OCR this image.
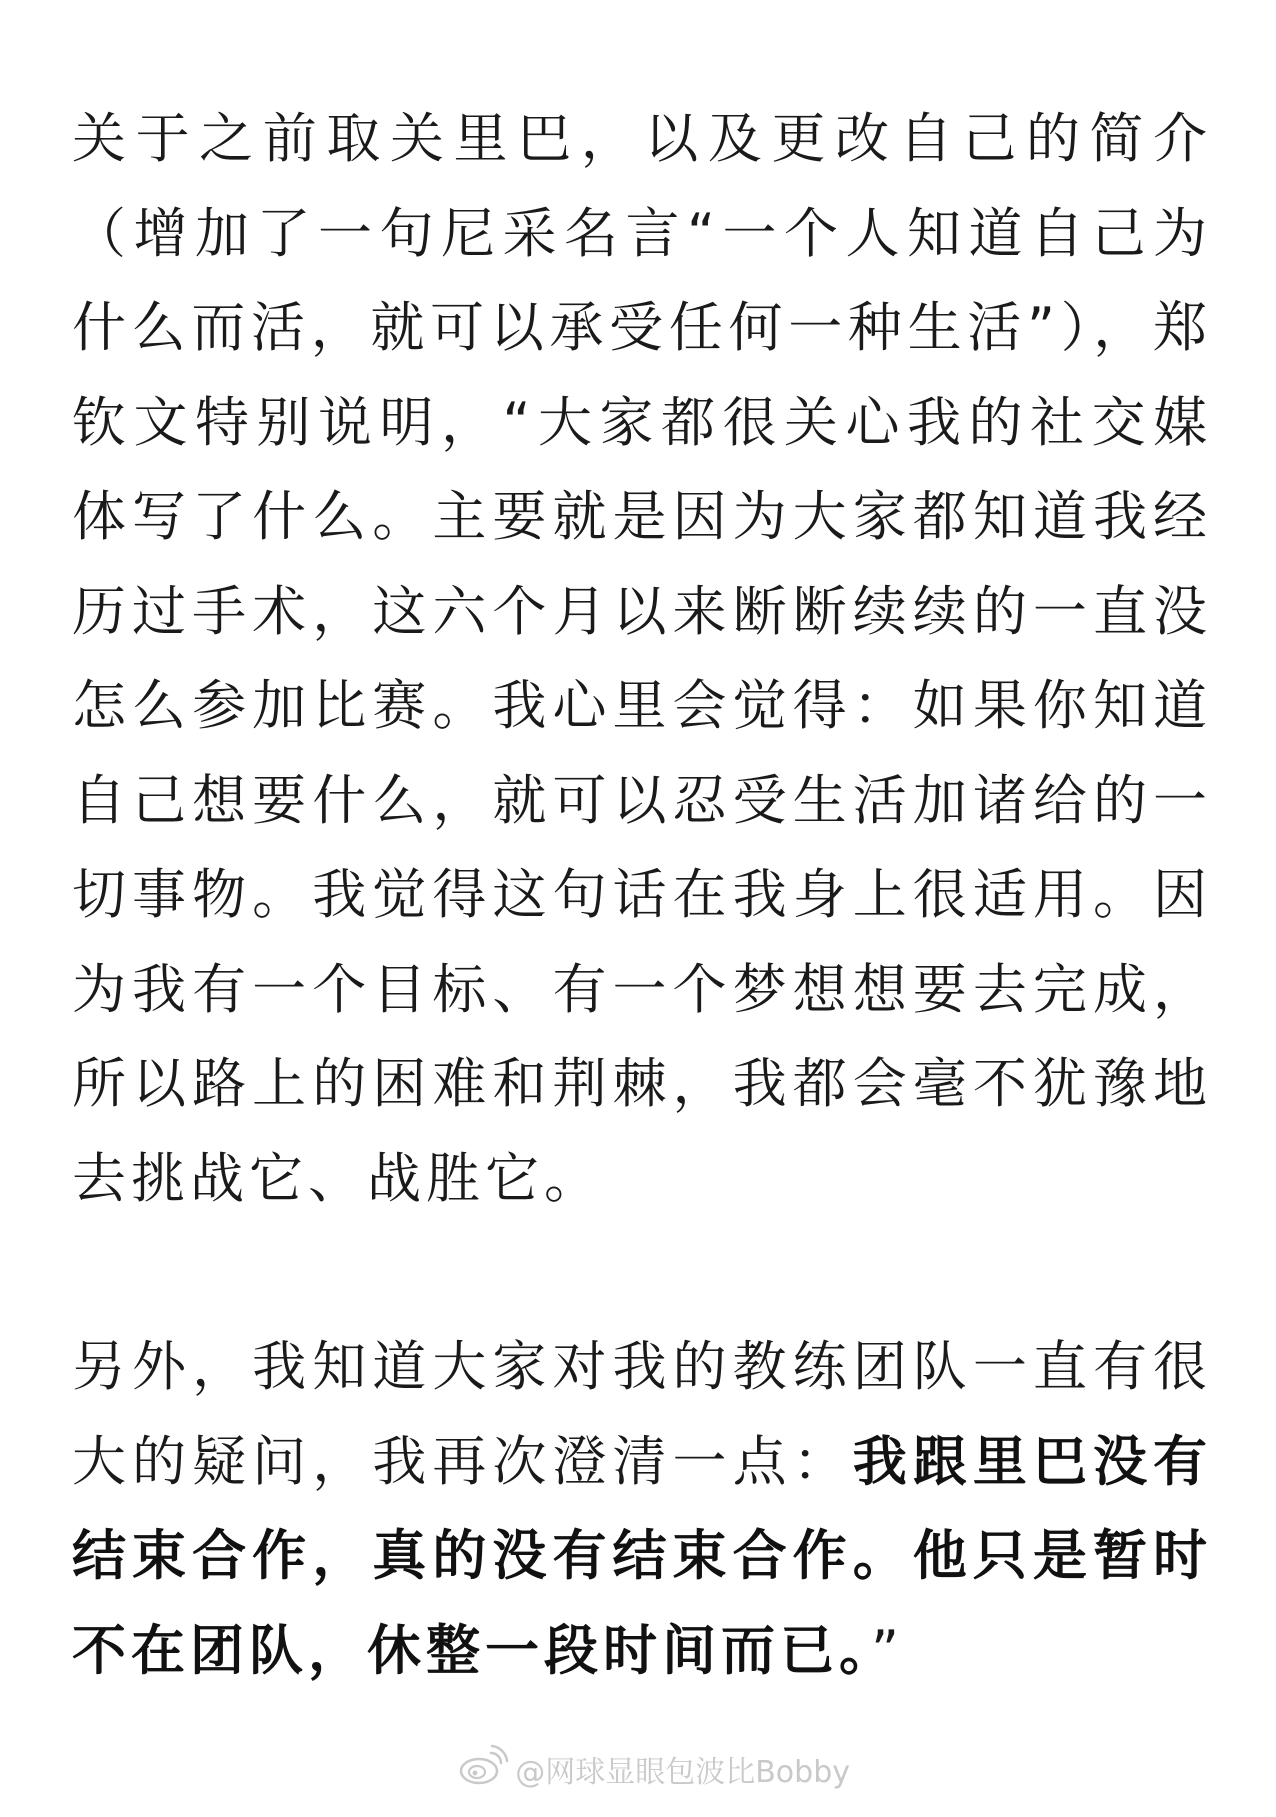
关于之前取关里巴，以及更改自己的简介（增加了一句尼采名言“一个人知道自己为什么而活，就可以承受任何一种生活”），郑钦文特别说明，“大家都很关心我的社交媒体写了什么。主要就是因为大家都知道我经历过手术，这六个月以来断断续续的一直没怎么参加比赛。我心里会觉得：如果你知道自己想要什么，就可以忍受生活加诸给的一切事物。我觉得这句话在我身上很适用。因为我有一个目标、有一个梦想想要去完成，所以路上的困难和荆棘，我都会毫不犹豫地去挑战它、战胜它。

另外，我知道大家对我的教练团队一直有很大的疑问，我再次澄清一点：我跟里巴没有结束合作，真的没有结束合作。他只是暂时不在团队，休整一段时间而已。”

@网球显眼包波比Bobby
